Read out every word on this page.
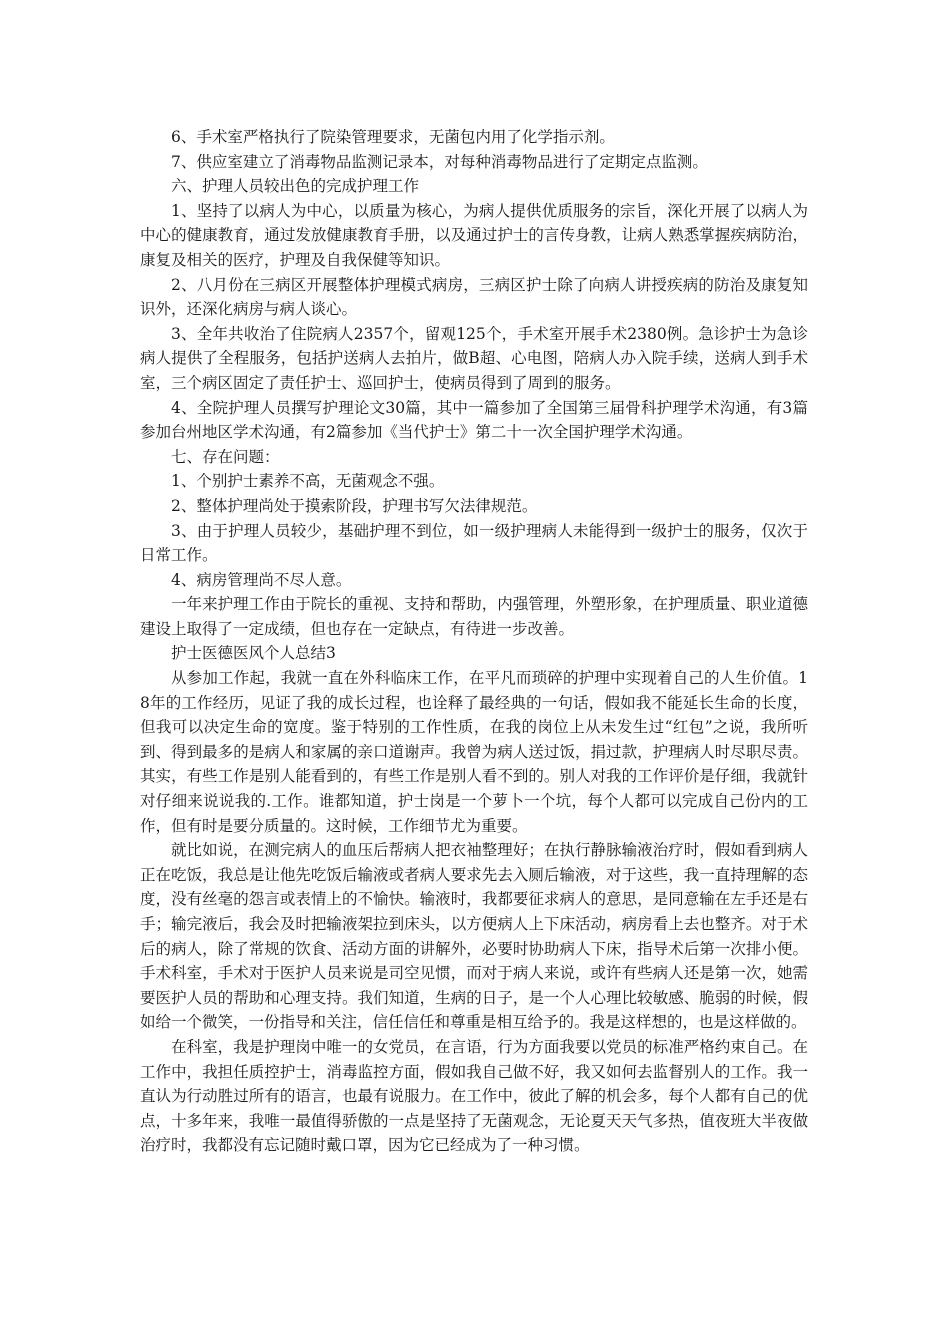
6、手术室严格执行了院染管理要求，无菌包内用了化学指示剂。

7、供应室建立了消毒物品监测记录本，对每种消毒物品进行了定期定点监测。

六、护理人员较出色的完成护理工作

1、坚持了以病人为中心，以质量为核心，为病人提供优质服务的宗旨，深化开展了以病人为中心的健康教育，通过发放健康教育手册，以及通过护士的言传身教，让病人熟悉掌握疾病防治，康复及相关的医疗，护理及自我保健等知识。

2、八月份在三病区开展整体护理模式病房，三病区护士除了向病人讲授疾病的防治及康复知识外，还深化病房与病人谈心。

3、全年共收治了住院病人2357个，留观125个，手术室开展手术2380例。急诊护士为急诊病人提供了全程服务，包括护送病人去拍片，做B超、心电图，陪病人办入院手续，送病人到手术室，三个病区固定了责任护士、巡回护士，使病员得到了周到的服务。

4、全院护理人员撰写护理论文30篇，其中一篇参加了全国第三届骨科护理学术沟通，有3篇参加台州地区学术沟通，有2篇参加《当代护士》第二十一次全国护理学术沟通。

七、存在问题：

1、个别护士素养不高，无菌观念不强。

2、整体护理尚处于摸索阶段，护理书写欠法律规范。

3、由于护理人员较少，基础护理不到位，如一级护理病人未能得到一级护士的服务，仅次于日常工作。

4、病房管理尚不尽人意。

一年来护理工作由于院长的重视、支持和帮助，内强管理，外塑形象，在护理质量、职业道德建设上取得了一定成绩，但也存在一定缺点，有待进一步改善。

护士医德医风个人总结3

从参加工作起，我就一直在外科临床工作，在平凡而琐碎的护理中实现着自己的人生价值。18年的工作经历，见证了我的成长过程，也诠释了最经典的一句话，假如我不能延长生命的长度，但我可以决定生命的宽度。鉴于特别的工作性质，在我的岗位上从未发生过“红包”之说，我所听到、得到最多的是病人和家属的亲口道谢声。我曾为病人送过饭，捐过款，护理病人时尽职尽责。其实，有些工作是别人能看到的，有些工作是别人看不到的。别人对我的工作评价是仔细，我就针对仔细来说说我的.工作。谁都知道，护士岗是一个萝卜一个坑，每个人都可以完成自己份内的工作，但有时是要分质量的。这时候，工作细节尤为重要。

就比如说，在测完病人的血压后帮病人把衣袖整理好；在执行静脉输液治疗时，假如看到病人正在吃饭，我总是让他先吃饭后输液或者病人要求先去入厕后输液，对于这些，我一直持理解的态度，没有丝毫的怨言或表情上的不愉快。输液时，我都要征求病人的意思，是同意输在左手还是右手；输完液后，我会及时把输液架拉到床头，以方便病人上下床活动，病房看上去也整齐。对于术后的病人，除了常规的饮食、活动方面的讲解外，必要时协助病人下床，指导术后第一次排小便。手术科室，手术对于医护人员来说是司空见惯，而对于病人来说，或许有些病人还是第一次，她需要医护人员的帮助和心理支持。我们知道，生病的日子，是一个人心理比较敏感、脆弱的时候，假如给一个微笑，一份指导和关注，信任信任和尊重是相互给予的。我是这样想的，也是这样做的。

在科室，我是护理岗中唯一的女党员，在言语，行为方面我要以党员的标准严格约束自己。在工作中，我担任质控护士，消毒监控方面，假如我自己做不好，我又如何去监督别人的工作。我一直认为行动胜过所有的语言，也最有说服力。在工作中，彼此了解的机会多，每个人都有自己的优点，十多年来，我唯一最值得骄傲的一点是坚持了无菌观念，无论夏天天气多热，值夜班大半夜做治疗时，我都没有忘记随时戴口罩，因为它已经成为了一种习惯。
